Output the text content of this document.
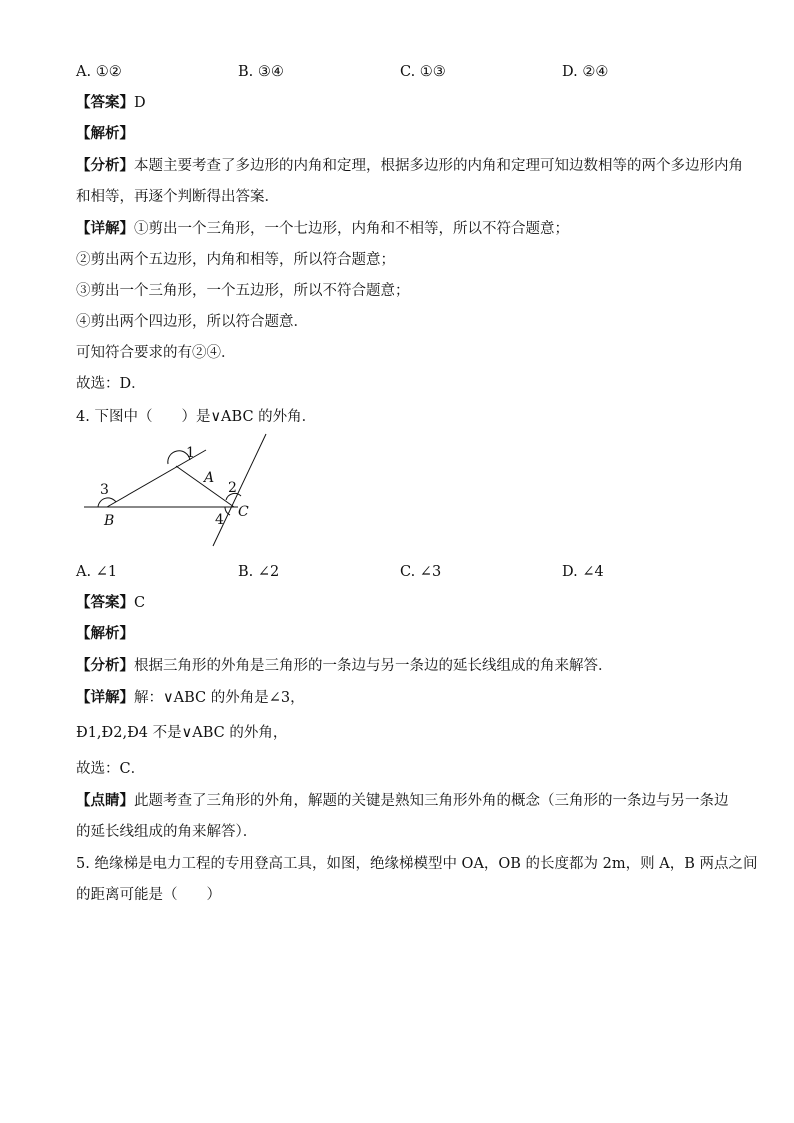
A. ①②	B. ③④	C. ①③	D. ②④
【答案】D
【解析】
【分析】本题主要考查了多边形的内角和定理，根据多边形的内角和定理可知边数相等的两个多边形内角
和相等，再逐个判断得出答案．
【详解】①剪出一个三角形，一个七边形，内角和不相等，所以不符合题意；
②剪出两个五边形，内角和相等，所以符合题意；
③剪出一个三角形，一个五边形，所以不符合题意；
④剪出两个四边形，所以符合题意．
可知符合要求的有②④．
故选：D．
4. 下图中（　　）是∨ABC 的外角．
1
A
2
3
B	4 C
A. ∠1	B. ∠2	C. ∠3	D. ∠4
【答案】C
【解析】
【分析】根据三角形的外角是三角形的一条边与另一条边的延长线组成的角来解答．
【详解】解：∨ABC 的外角是∠3，
Ð1,Ð2,Ð4 不是∨ABC 的外角，
故选：C．
【点睛】此题考查了三角形的外角，解题的关键是熟知三角形外角的概念（三角形的一条边与另一条边
的延长线组成的角来解答）．
5. 绝缘梯是电力工程的专用登高工具，如图，绝缘梯模型中 OA，OB 的长度都为 2m，则 A，B 两点之间
的距离可能是（　　）
